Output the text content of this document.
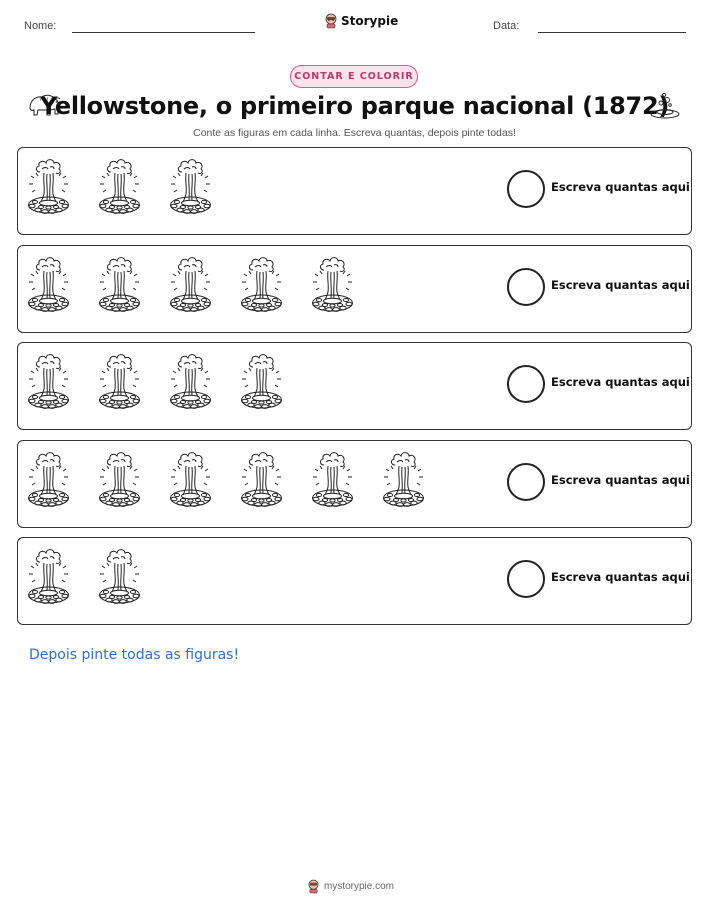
Nome:	Storypie	Data:
CONTAR E COLORIR
Yellowstone, o primeiro parque nacional (1872)
Conte as figuras em cada linha. Escreva quantas, depois pinte todas!
Escreva quantas aqui
Escreva quantas aqui
Escreva quantas aqui
Escreva quantas aqui
Escreva quantas aqui
Depois pinte todas as figuras!
mystorypie.com
